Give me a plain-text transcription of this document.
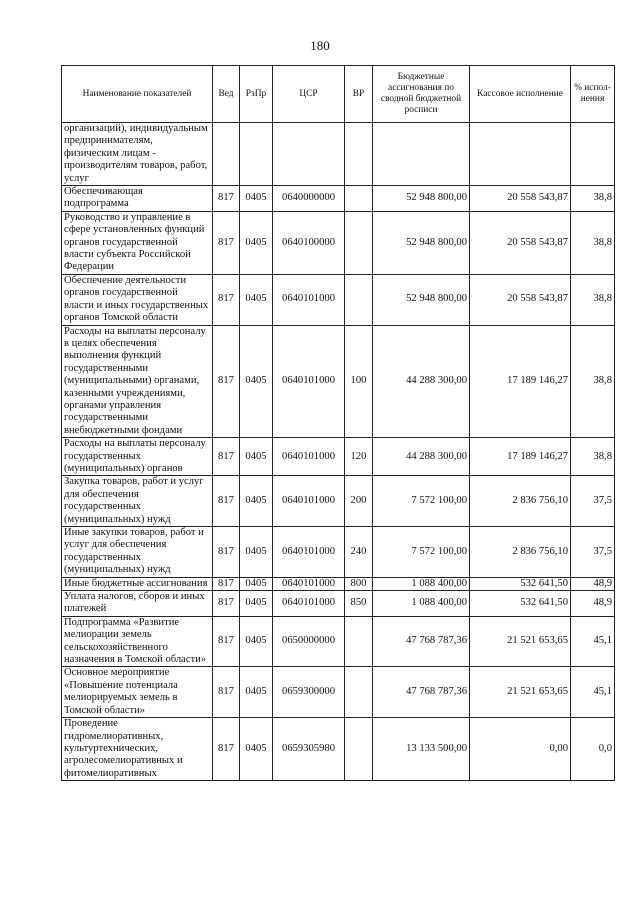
180
Наименование показателей	Вед	РзПр	ЦСР	ВР	Бюджетные ассигнования по сводной бюджетной росписи	Кассовое исполнение	% испол-нения
организаций), индивидуальным предпринимателям, физическим лицам - производителям товаров, работ, услуг							
Обеспечивающая подпрограмма	817	0405	0640000000		52 948 800,00	20 558 543,87	38,8
Руководство и управление в сфере установленных функций органов государственной власти субъекта Российской Федерации	817	0405	0640100000		52 948 800,00	20 558 543,87	38,8
Обеспечение деятельности органов государственной власти и иных государственных органов Томской области	817	0405	0640101000		52 948 800,00	20 558 543,87	38,8
Расходы на выплаты персоналу в целях обеспечения выполнения функций государственными (муниципальными) органами, казенными учреждениями, органами управления государственными внебюджетными фондами	817	0405	0640101000	100	44 288 300,00	17 189 146,27	38,8
Расходы на выплаты персоналу государственных (муниципальных) органов	817	0405	0640101000	120	44 288 300,00	17 189 146,27	38,8
Закупка товаров, работ и услуг для обеспечения государственных (муниципальных) нужд	817	0405	0640101000	200	7 572 100,00	2 836 756,10	37,5
Иные закупки товаров, работ и услуг для обеспечения государственных (муниципальных) нужд	817	0405	0640101000	240	7 572 100,00	2 836 756,10	37,5
Иные бюджетные ассигнования	817	0405	0640101000	800	1 088 400,00	532 641,50	48,9
Уплата налогов, сборов и иных платежей	817	0405	0640101000	850	1 088 400,00	532 641,50	48,9
Подпрограмма «Развитие мелиорации земель сельскохозяйственного назначения в Томской области»	817	0405	0650000000		47 768 787,36	21 521 653,65	45,1
Основное мероприятие «Повышение потенциала мелиорируемых земель в Томской области»	817	0405	0659300000		47 768 787,36	21 521 653,65	45,1
Проведение гидромелиоративных, культуртехнических, агролесомелиоративных и фитомелиоративных	817	0405	0659305980		13 133 500,00	0,00	0,0
